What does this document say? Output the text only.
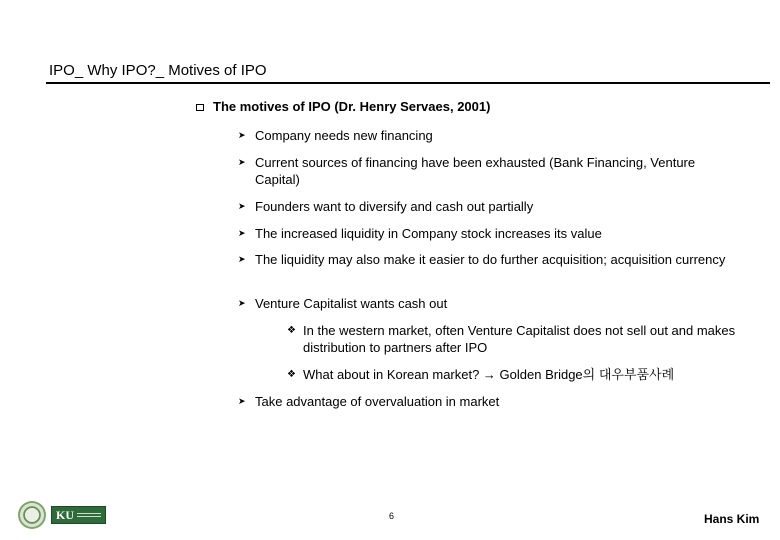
IPO_ Why IPO?_ Motives of IPO
The motives of IPO (Dr. Henry Servaes, 2001)
➤ Company needs new financing
➤ Current sources of financing have been exhausted (Bank Financing, Venture Capital)
➤ Founders want to diversify and cash out partially
➤ The increased liquidity in Company stock increases its value
➤ The liquidity may also make it easier to do further acquisition; acquisition currency
➤ Venture Capitalist wants cash out
❖ In the western market, often Venture Capitalist does not sell out and makes distribution to partners after IPO
❖ What about in Korean market? → Golden Bridge의 대우부품사례
➤ Take advantage of overvaluation in market
KU	6	Hans Kim
